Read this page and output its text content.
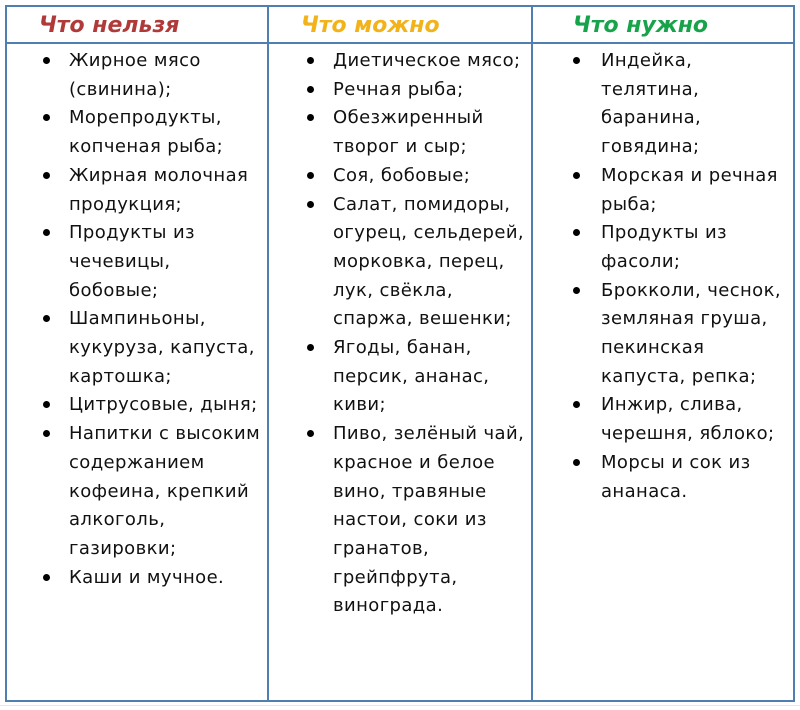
Что нельзя
Жирное мясо (свинина);
Морепродукты, копченая рыба;
Жирная молочная продукция;
Продукты из чечевицы, бобовые;
Шампиньоны, кукуруза, капуста, картошка;
Цитрусовые, дыня;
Напитки с высоким содержанием кофеина, крепкий алкоголь, газировки;
Каши и мучное.
Что можно
Диетическое мясо;
Речная рыба;
Обезжиренный творог и сыр;
Соя, бобовые;
Салат, помидоры, огурец, сельдерей, морковка, перец, лук, свёкла, спаржа, вешенки;
Ягоды, банан, персик, ананас, киви;
Пиво, зелёный чай, красное и белое вино, травяные настои, соки из гранатов, грейпфрута, винограда.
Что нужно
Индейка, телятина, баранина, говядина;
Морская и речная рыба;
Продукты из фасоли;
Брокколи, чеснок, земляная груша, пекинская капуста, репка;
Инжир, слива, черешня, яблоко;
Морсы и сок из ананаса.
